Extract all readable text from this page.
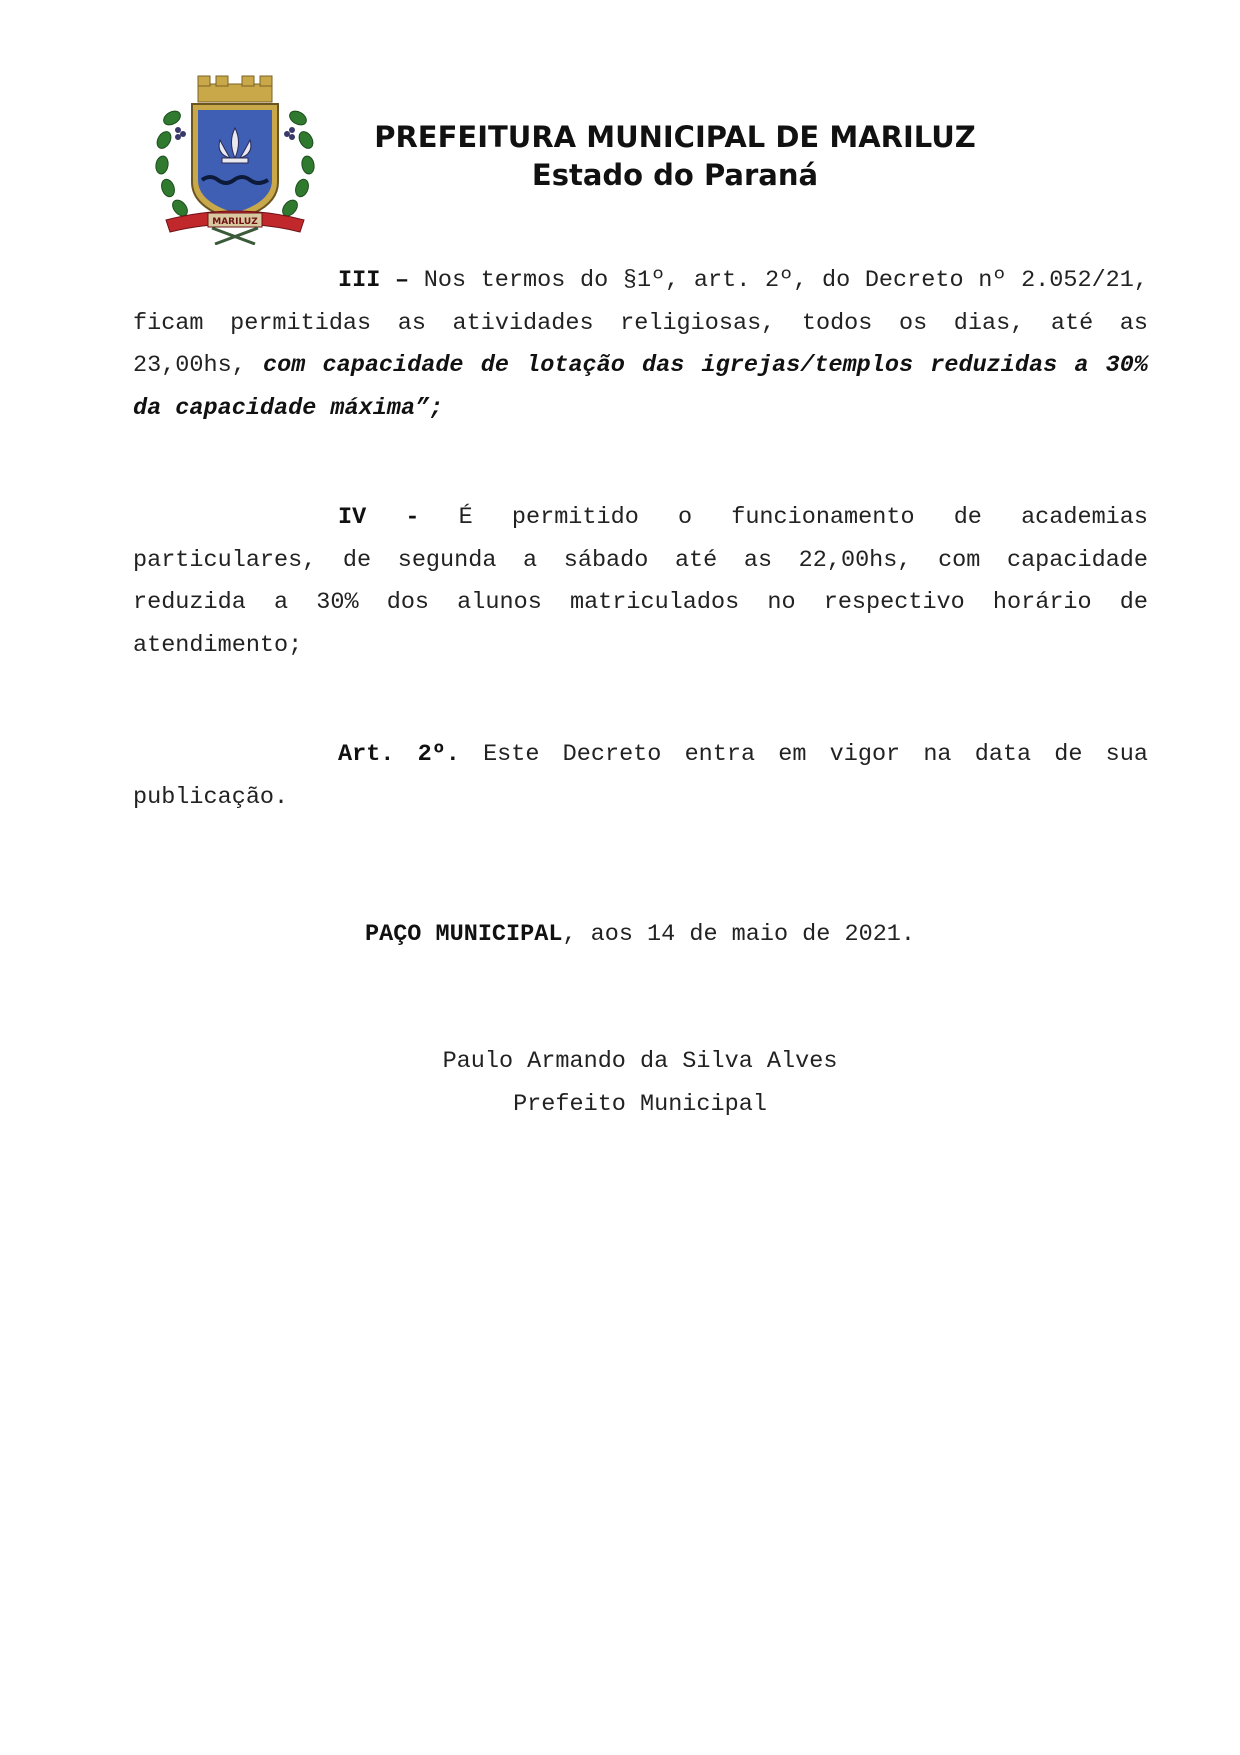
MARILUZ
PREFEITURA MUNICIPAL DE MARILUZ
Estado do Paraná
III – Nos termos do §1º, art. 2º, do Decreto nº 2.052/21, ficam permitidas as atividades religiosas, todos os dias, até as 23,00hs, com capacidade de lotação das igrejas/templos reduzidas a 30% da capacidade máxima”;
IV - É permitido o funcionamento de academias particulares, de segunda a sábado até as 22,00hs, com capacidade reduzida a 30% dos alunos matriculados no respectivo horário de atendimento;
Art. 2º. Este Decreto entra em vigor na data de sua publicação.
PAÇO MUNICIPAL, aos 14 de maio de 2021.
Paulo Armando da Silva Alves
Prefeito Municipal
